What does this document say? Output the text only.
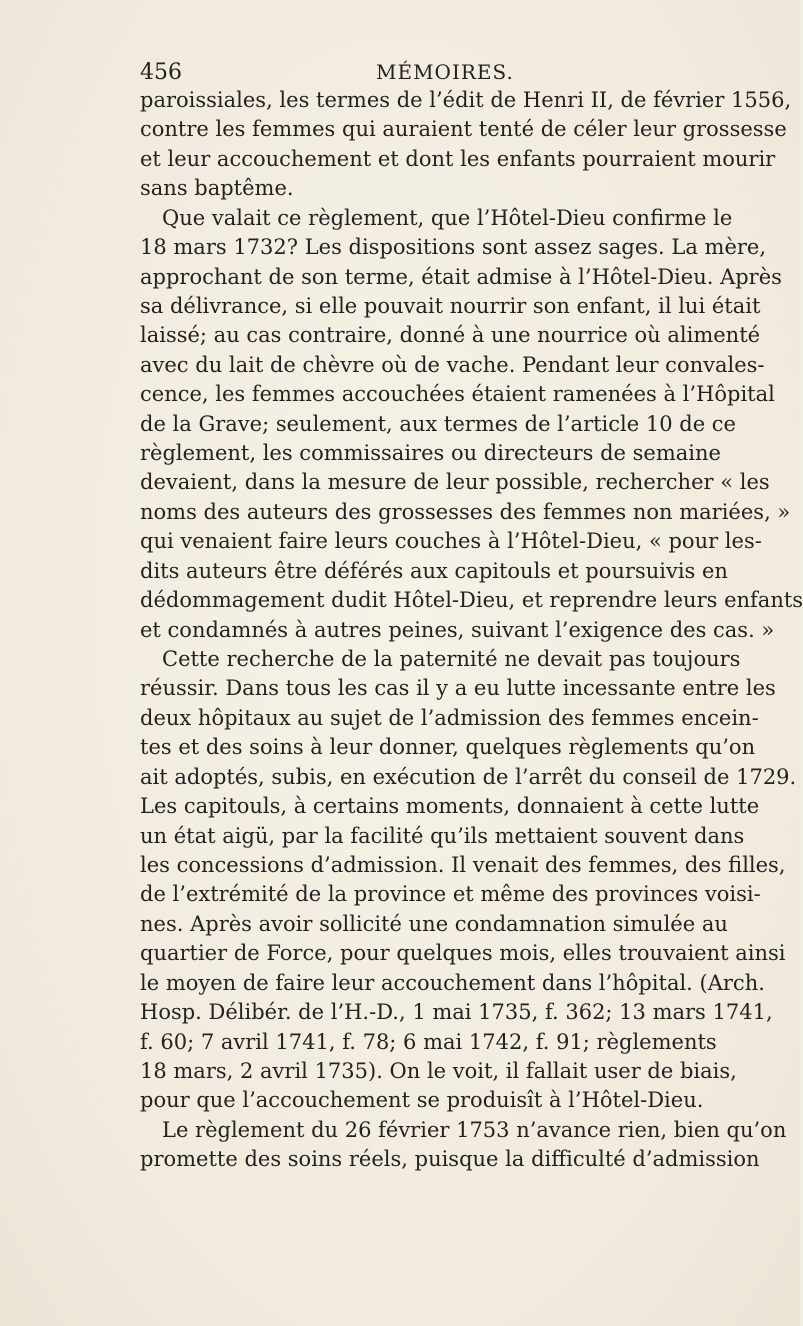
456	MÉMOIRES.
paroissiales, les termes de l’édit de Henri II, de février 1556,
contre les femmes qui auraient tenté de céler leur grossesse
et leur accouchement et dont les enfants pourraient mourir
sans baptême.
Que valait ce règlement, que l’Hôtel-Dieu confirme le
18 mars 1732? Les dispositions sont assez sages. La mère,
approchant de son terme, était admise à l’Hôtel-Dieu. Après
sa délivrance, si elle pouvait nourrir son enfant, il lui était
laissé; au cas contraire, donné à une nourrice où alimenté
avec du lait de chèvre où de vache. Pendant leur convales-
cence, les femmes accouchées étaient ramenées à l’Hôpital
de la Grave; seulement, aux termes de l’article 10 de ce
règlement, les commissaires ou directeurs de semaine
devaient, dans la mesure de leur possible, rechercher « les
noms des auteurs des grossesses des femmes non mariées, »
qui venaient faire leurs couches à l’Hôtel-Dieu, « pour les-
dits auteurs être déférés aux capitouls et poursuivis en
dédommagement dudit Hôtel-Dieu, et reprendre leurs enfants
et condamnés à autres peines, suivant l’exigence des cas. »
Cette recherche de la paternité ne devait pas toujours
réussir. Dans tous les cas il y a eu lutte incessante entre les
deux hôpitaux au sujet de l’admission des femmes encein-
tes et des soins à leur donner, quelques règlements qu’on
ait adoptés, subis, en exécution de l’arrêt du conseil de 1729.
Les capitouls, à certains moments, donnaient à cette lutte
un état aigü, par la facilité qu’ils mettaient souvent dans
les concessions d’admission. Il venait des femmes, des filles,
de l’extrémité de la province et même des provinces voisi-
nes. Après avoir sollicité une condamnation simulée au
quartier de Force, pour quelques mois, elles trouvaient ainsi
le moyen de faire leur accouchement dans l’hôpital. (Arch.
Hosp. Délibér. de l’H.-D., 1 mai 1735, f. 362; 13 mars 1741,
f. 60; 7 avril 1741, f. 78; 6 mai 1742, f. 91; règlements
18 mars, 2 avril 1735). On le voit, il fallait user de biais,
pour que l’accouchement se produisît à l’Hôtel-Dieu.
Le règlement du 26 février 1753 n’avance rien, bien qu’on
promette des soins réels, puisque la difficulté d’admission
